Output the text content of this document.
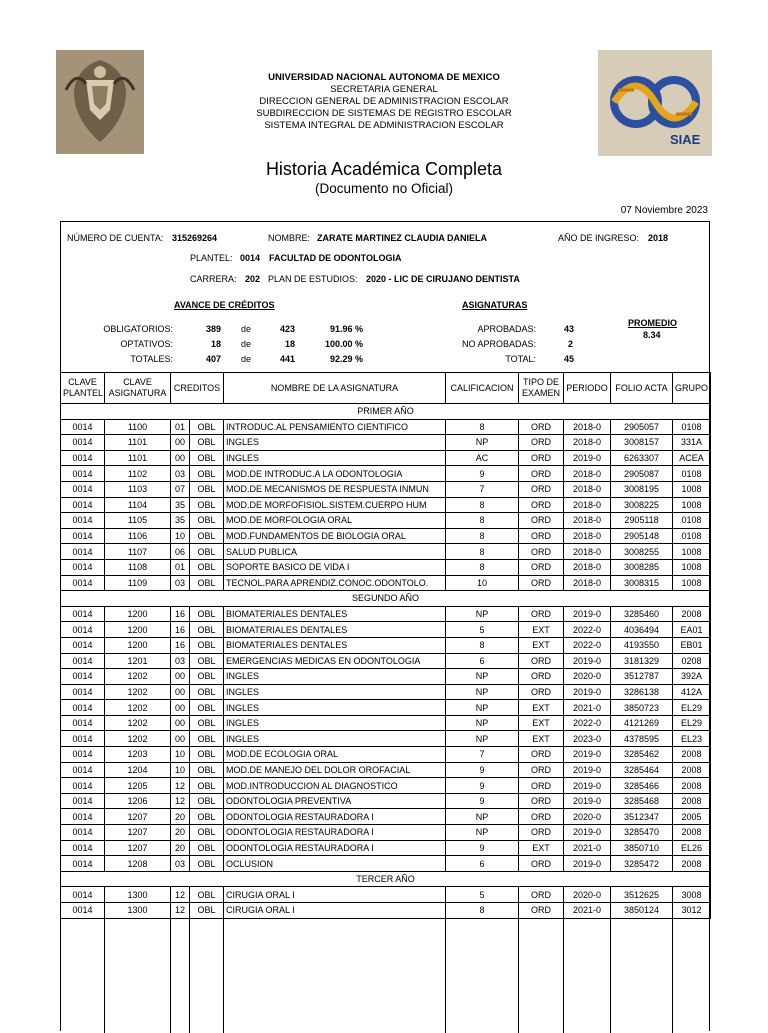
SIAE
UNIVERSIDAD NACIONAL AUTONOMA DE MEXICO
SECRETARIA GENERAL
DIRECCION GENERAL DE ADMINISTRACION ESCOLAR
SUBDIRECCION DE SISTEMAS DE REGISTRO ESCOLAR
SISTEMA INTEGRAL DE ADMINISTRACION ESCOLAR
Historia Académica Completa
(Documento no Oficial)
07 Noviembre 2023
NÚMERO DE CUENTA: 315269264	NOMBRE: ZARATE MARTINEZ CLAUDIA DANIELA	AÑO DE INGRESO: 2018
PLANTEL: 0014 FACULTAD DE ODONTOLOGIA
CARRERA: 202 PLAN DE ESTUDIOS: 2020 - LIC DE CIRUJANO DENTISTA
AVANCE DE CRÉDITOS
OBLIGATORIOS:	389 de	423	91.96 %
OPTATIVOS:	18 de	18	100.00 %
TOTALES:	407 de	441	92.29 %
ASIGNATURAS
APROBADAS:	43
NO APROBADAS:	2
TOTAL:	45
PROMEDIO
8.34
CLAVE PLANTEL	CLAVE ASIGNATURA	CREDITOS		NOMBRE DE LA ASIGNATURA	CALIFICACION	TIPO DE EXAMEN	PERIODO	FOLIO ACTA	GRUPO
PRIMER AÑO									
0014	1100	01	OBL	INTRODUC.AL PENSAMIENTO CIENTIFICO	8	ORD	2018-0	2905057	0108
0014	1101	00	OBL	INGLES	NP	ORD	2018-0	3008157	331A
0014	1101	00	OBL	INGLES	AC	ORD	2019-0	6263307	ACEA
0014	1102	03	OBL	MOD.DE INTRODUC.A LA ODONTOLOGIA	9	ORD	2018-0	2905087	0108
0014	1103	07	OBL	MOD.DE MECANISMOS DE RESPUESTA INMUN	7	ORD	2018-0	3008195	1008
0014	1104	35	OBL	MOD.DE MORFOFISIOL.SISTEM.CUERPO HUM	8	ORD	2018-0	3008225	1008
0014	1105	35	OBL	MOD.DE MORFOLOGIA ORAL	8	ORD	2018-0	2905118	0108
0014	1106	10	OBL	MOD.FUNDAMENTOS DE BIOLOGIA ORAL	8	ORD	2018-0	2905148	0108
0014	1107	06	OBL	SALUD PUBLICA	8	ORD	2018-0	3008255	1008
0014	1108	01	OBL	SOPORTE BASICO DE VIDA I	8	ORD	2018-0	3008285	1008
0014	1109	03	OBL	TECNOL.PARA APRENDIZ.CONOC.ODONTOLO.	10	ORD	2018-0	3008315	1008
SEGUNDO AÑO									
0014	1200	16	OBL	BIOMATERIALES DENTALES	NP	ORD	2019-0	3285460	2008
0014	1200	16	OBL	BIOMATERIALES DENTALES	5	EXT	2022-0	4036494	EA01
0014	1200	16	OBL	BIOMATERIALES DENTALES	8	EXT	2022-0	4193550	EB01
0014	1201	03	OBL	EMERGENCIAS MEDICAS EN ODONTOLOGIA	6	ORD	2019-0	3181329	0208
0014	1202	00	OBL	INGLES	NP	ORD	2020-0	3512787	392A
0014	1202	00	OBL	INGLES	NP	ORD	2019-0	3286138	412A
0014	1202	00	OBL	INGLES	NP	EXT	2021-0	3850723	EL29
0014	1202	00	OBL	INGLES	NP	EXT	2022-0	4121269	EL29
0014	1202	00	OBL	INGLES	NP	EXT	2023-0	4378595	EL23
0014	1203	10	OBL	MOD.DE ECOLOGIA ORAL	7	ORD	2019-0	3285462	2008
0014	1204	10	OBL	MOD.DE MANEJO DEL DOLOR OROFACIAL	9	ORD	2019-0	3285464	2008
0014	1205	12	OBL	MOD.INTRODUCCION AL DIAGNOSTICO	9	ORD	2019-0	3285466	2008
0014	1206	12	OBL	ODONTOLOGIA PREVENTIVA	9	ORD	2019-0	3285468	2008
0014	1207	20	OBL	ODONTOLOGIA RESTAURADORA I	NP	ORD	2020-0	3512347	2005
0014	1207	20	OBL	ODONTOLOGIA RESTAURADORA I	NP	ORD	2019-0	3285470	2008
0014	1207	20	OBL	ODONTOLOGIA RESTAURADORA I	9	EXT	2021-0	3850710	EL26
0014	1208	03	OBL	OCLUSION	6	ORD	2019-0	3285472	2008
TERCER AÑO									
0014	1300	12	OBL	CIRUGIA ORAL I	5	ORD	2020-0	3512625	3008
0014	1300	12	OBL	CIRUGIA ORAL I	8	ORD	2021-0	3850124	3012
